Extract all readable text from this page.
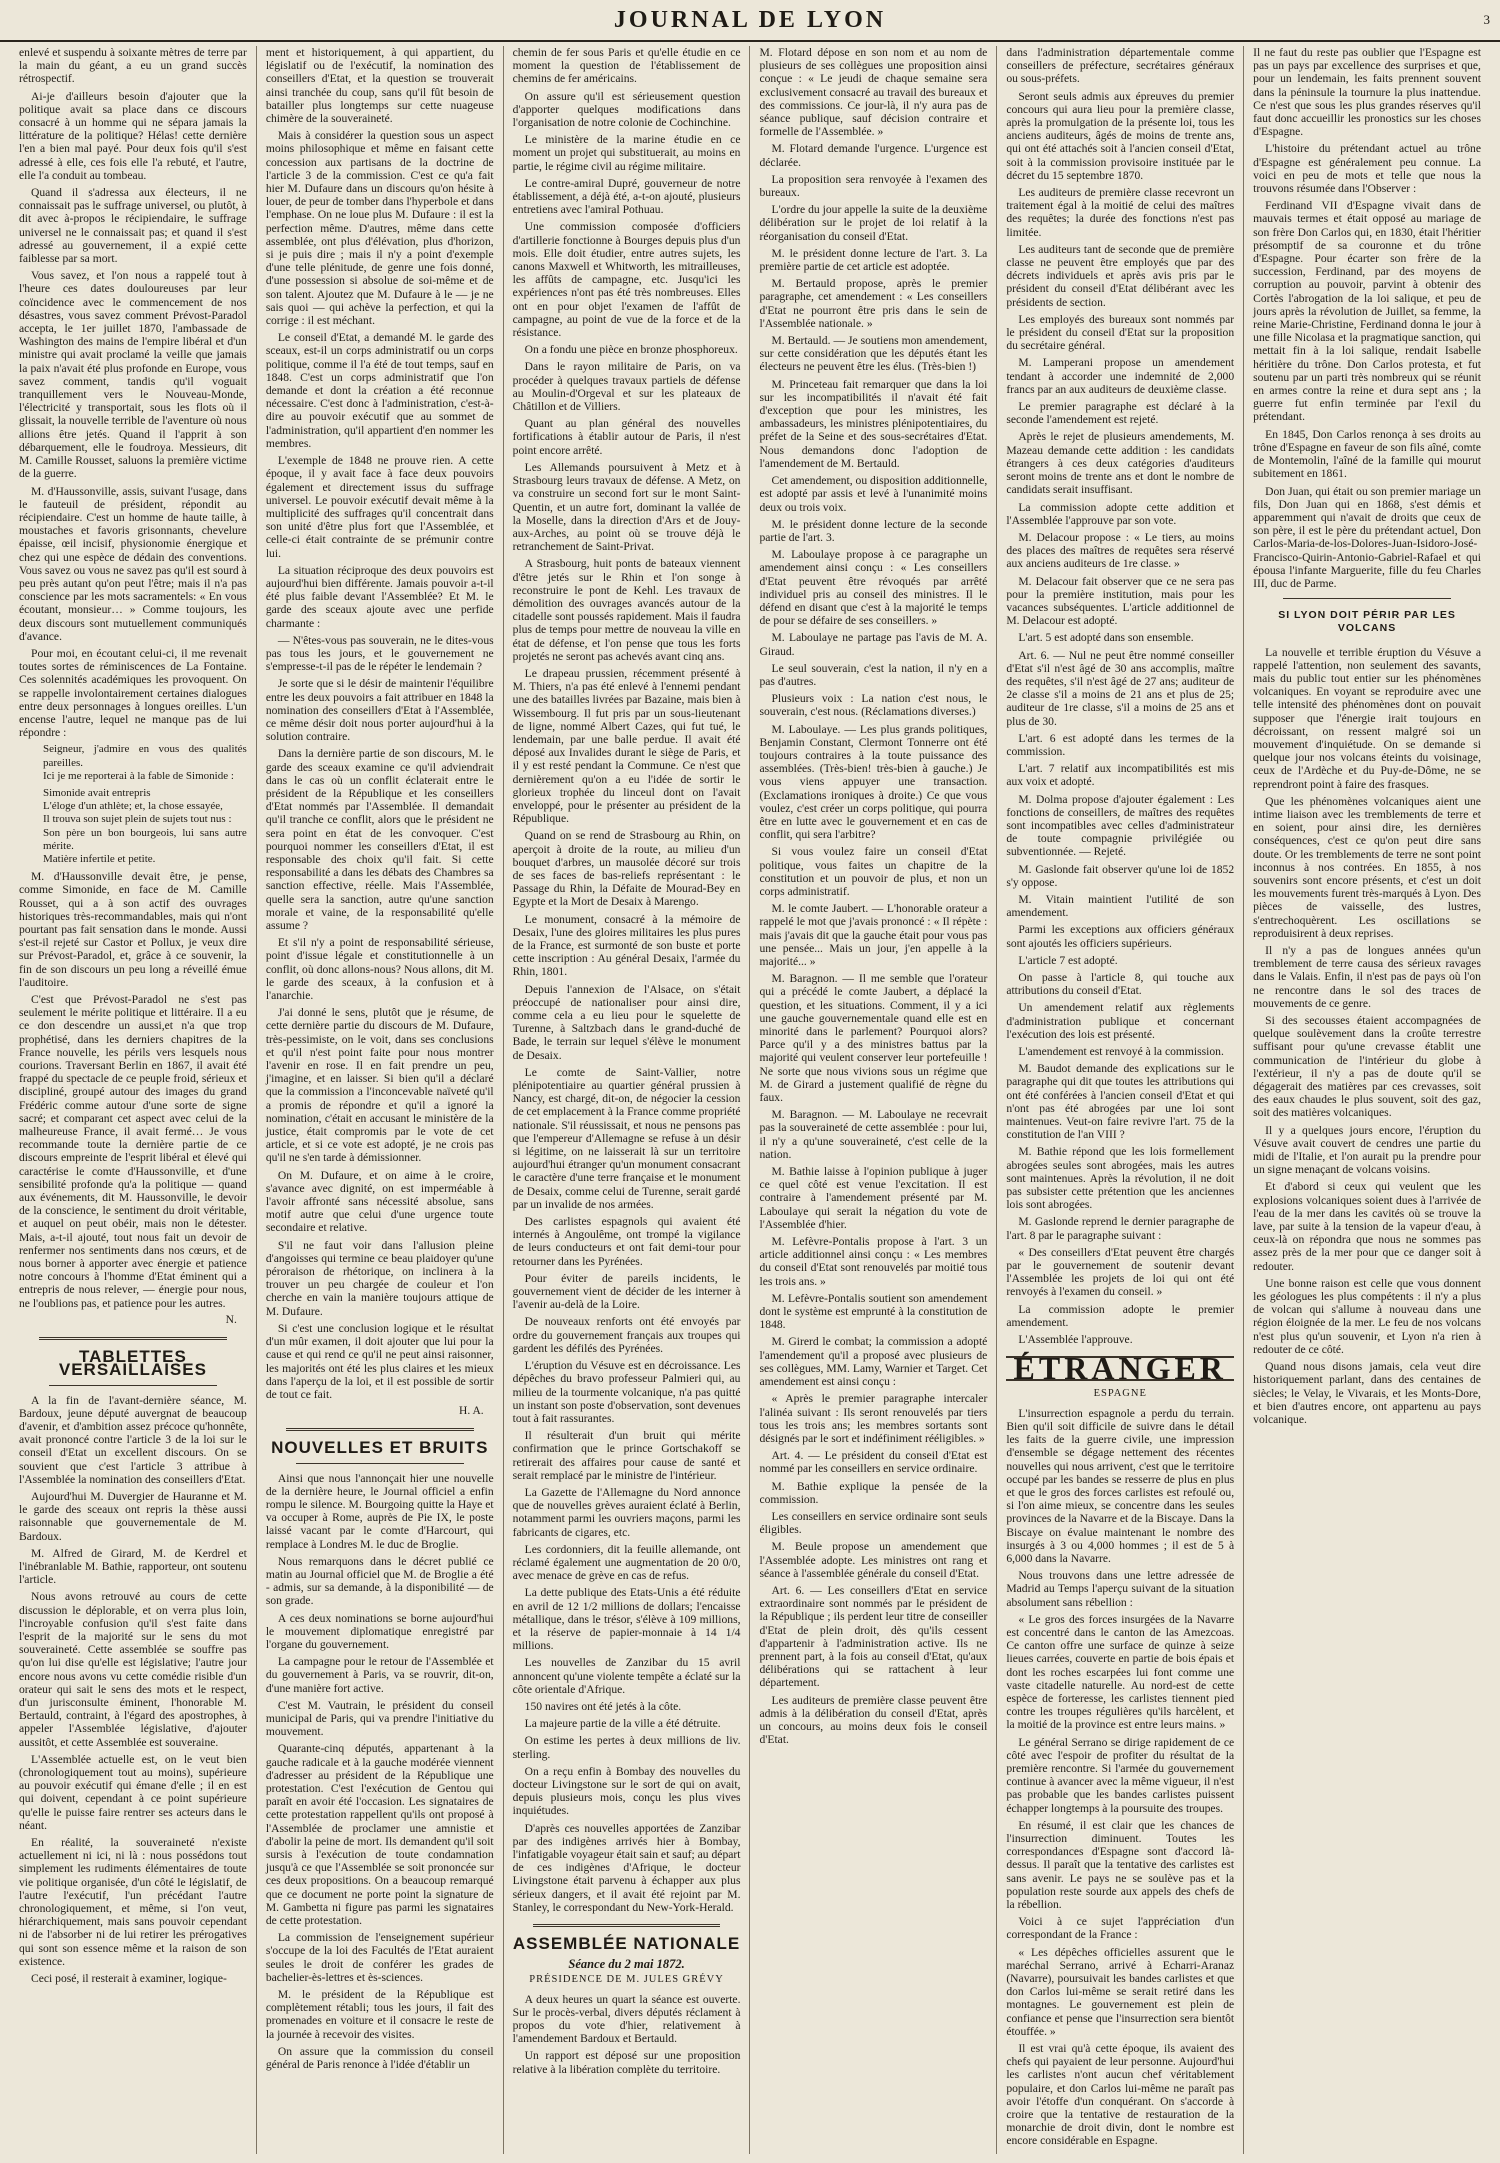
JOURNAL DE LYON	3

enlevé et suspendu à soixante mètres de terre par la main du géant, a eu un grand succès rétrospectif.

Ai-je d'ailleurs besoin d'ajouter que la politique avait sa place dans ce discours consacré à un homme qui ne sépara jamais la littérature de la politique? Hélas! cette dernière l'en a bien mal payé. Pour deux fois qu'il s'est adressé à elle, ces fois elle l'a rebuté, et l'autre, elle l'a conduit au tombeau.

Quand il s'adressa aux électeurs, il ne connaissait pas le suffrage universel, ou plutôt, à dit avec à-propos le récipiendaire, le suffrage universel ne le connaissait pas; et quand il s'est adressé au gouvernement, il a expié cette faiblesse par sa mort.

Vous savez, et l'on nous a rappelé tout à l'heure ces dates douloureuses par leur coïncidence avec le commencement de nos désastres, vous savez comment Prévost-Paradol accepta, le 1er juillet 1870, l'ambassade de Washington des mains de l'empire libéral et d'un ministre qui avait proclamé la veille que jamais la paix n'avait été plus profonde en Europe, vous savez comment, tandis qu'il voguait tranquillement vers le Nouveau-Monde, l'électricité y transportait, sous les flots où il glissait, la nouvelle terrible de l'aventure où nous allions être jetés. Quand il l'apprit à son débarquement, elle le foudroya. Messieurs, dit M. Camille Rousset, saluons la première victime de la guerre.

M. d'Haussonville, assis, suivant l'usage, dans le fauteuil de président, répondit au récipiendaire. C'est un homme de haute taille, à moustaches et favoris grisonnants, chevelure épaisse, œil incisif, physionomie énergique et chez qui une espèce de dédain des conventions. Vous savez ou vous ne savez pas qu'il est sourd à peu près autant qu'on peut l'être; mais il n'a pas conscience par les mots sacramentels: « En vous écoutant, monsieur… » Comme toujours, les deux discours sont mutuellement communiqués d'avance.

Pour moi, en écoutant celui-ci, il me revenait toutes sortes de réminiscences de La Fontaine. Ces solennités académiques les provoquent. On se rappelle involontairement certaines dialogues entre deux personnages à longues oreilles. L'un encense l'autre, lequel ne manque pas de lui répondre :

Seigneur, j'admire en vous des qualités pareilles.
Ici je me reporterai à la fable de Simonide :
Simonide avait entrepris
L'éloge d'un athlète; et, la chose essayée,
Il trouva son sujet plein de sujets tout nus :
Son père un bon bourgeois, lui sans autre mérite.
Matière infertile et petite.

M. d'Haussonville devait être, je pense, comme Simonide, en face de M. Camille Rousset, qui a à son actif des ouvrages historiques très-recommandables, mais qui n'ont pourtant pas fait sensation dans le monde. Aussi s'est-il rejeté sur Castor et Pollux, je veux dire sur Prévost-Paradol, et, grâce à ce souvenir, la fin de son discours un peu long a réveillé émue l'auditoire.

C'est que Prévost-Paradol ne s'est pas seulement le mérite politique et littéraire. Il a eu ce don descendre un aussi,et n'a que trop prophétisé, dans les derniers chapitres de la France nouvelle, les périls vers lesquels nous courions. Traversant Berlin en 1867, il avait été frappé du spectacle de ce peuple froid, sérieux et discipliné, groupé autour des images du grand Frédéric comme autour d'une sorte de signe sacré; et comparant cet aspect avec celui de la malheureuse France, il avait fermé… Je vous recommande toute la dernière partie de ce discours empreinte de l'esprit libéral et élevé qui caractérise le comte d'Haussonville, et d'une sensibilité profonde qu'a la politique — quand aux événements, dit M. Haussonville, le devoir de la conscience, le sentiment du droit véritable, et auquel on peut obéir, mais non le détester. Mais, a-t-il ajouté, tout nous fait un devoir de renfermer nos sentiments dans nos cœurs, et de nous borner à apporter avec énergie et patience notre concours à l'homme d'Etat éminent qui a entrepris de nous relever, — énergie pour nous, ne l'oublions pas, et patience pour les autres.

N.
TABLETTES VERSAILLAISES

A la fin de l'avant-dernière séance, M. Bardoux, jeune député auvergnat de beaucoup d'avenir, et d'ambition assez précoce qu'honnête, avait prononcé contre l'article 3 de la loi sur le conseil d'Etat un excellent discours. On se souvient que c'est l'article 3 attribue à l'Assemblée la nomination des conseillers d'Etat.

Aujourd'hui M. Duvergier de Hauranne et M. le garde des sceaux ont repris la thèse aussi raisonnable que gouvernementale de M. Bardoux.

M. Alfred de Girard, M. de Kerdrel et l'inébranlable M. Bathie, rapporteur, ont soutenu l'article.

Nous avons retrouvé au cours de cette discussion le déplorable, et on verra plus loin, l'incroyable confusion qu'il s'est faite dans l'esprit de la majorité sur le sens du mot souveraineté. Cette assemblée se souffre pas qu'on lui dise qu'elle est législative; l'autre jour encore nous avons vu cette comédie risible d'un orateur qui sait le sens des mots et le respect, d'un jurisconsulte éminent, l'honorable M. Bertauld, contraint, à l'égard des apostrophes, à appeler l'Assemblée législative, d'ajouter aussitôt, et cette Assemblée est souveraine.

L'Assemblée actuelle est, on le veut bien (chronologiquement tout au moins), supérieure au pouvoir exécutif qui émane d'elle ; il en est qui doivent, cependant à ce point supérieure qu'elle le puisse faire rentrer ses acteurs dans le néant.

En réalité, la souveraineté n'existe actuellement ni ici, ni là : nous possédons tout simplement les rudiments élémentaires de toute vie politique organisée, d'un côté le législatif, de l'autre l'exécutif, l'un précédant l'autre chronologiquement, et même, si l'on veut, hiérarchiquement, mais sans pouvoir cependant ni de l'absorber ni de lui retirer les prérogatives qui sont son essence même et la raison de son existence.

Ceci posé, il resterait à examiner, logique-

ment et historiquement, à qui appartient, du législatif ou de l'exécutif, la nomination des conseillers d'Etat, et la question se trouverait ainsi tranchée du coup, sans qu'il fût besoin de batailler plus longtemps sur cette nuageuse chimère de la souveraineté.

Mais à considérer la question sous un aspect moins philosophique et même en faisant cette concession aux partisans de la doctrine de l'article 3 de la commission. C'est ce qu'a fait hier M. Dufaure dans un discours qu'on hésite à louer, de peur de tomber dans l'hyperbole et dans l'emphase. On ne loue plus M. Dufaure : il est la perfection même. D'autres, même dans cette assemblée, ont plus d'élévation, plus d'horizon, si je puis dire ; mais il n'y a point d'exemple d'une telle plénitude, de genre une fois donné, d'une possession si absolue de soi-même et de son talent. Ajoutez que M. Dufaure à le — je ne sais quoi — qui achève la perfection, et qui la corrige : il est méchant.

Le conseil d'Etat, a demandé M. le garde des sceaux, est-il un corps administratif ou un corps politique, comme il l'a été de tout temps, sauf en 1848. C'est un corps administratif que l'on demande et dont la création a été reconnue nécessaire. C'est donc à l'administration, c'est-à-dire au pouvoir exécutif que au sommet de l'administration, qu'il appartient d'en nommer les membres.

L'exemple de 1848 ne prouve rien. A cette époque, il y avait face à face deux pouvoirs également et directement issus du suffrage universel. Le pouvoir exécutif devait même à la multiplicité des suffrages qu'il concentrait dans son unité d'être plus fort que l'Assemblée, et celle-ci était contrainte de se prémunir contre lui.

La situation réciproque des deux pouvoirs est aujourd'hui bien différente. Jamais pouvoir a-t-il été plus faible devant l'Assemblée? Et M. le garde des sceaux ajoute avec une perfide charmante :

— N'êtes-vous pas souverain, ne le dites-vous pas tous les jours, et le gouvernement ne s'empresse-t-il pas de le répéter le lendemain ?

Je sorte que si le désir de maintenir l'équilibre entre les deux pouvoirs a fait attribuer en 1848 la nomination des conseillers d'Etat à l'Assemblée, ce même désir doit nous porter aujourd'hui à la solution contraire.

Dans la dernière partie de son discours, M. le garde des sceaux examine ce qu'il adviendrait dans le cas où un conflit éclaterait entre le président de la République et les conseillers d'Etat nommés par l'Assemblée. Il demandait qu'il tranche ce conflit, alors que le président ne sera point en état de les convoquer. C'est pourquoi nommer les conseillers d'Etat, il est responsable des choix qu'il fait. Si cette responsabilité a dans les débats des Chambres sa sanction effective, réelle. Mais l'Assemblée, quelle sera la sanction, autre qu'une sanction morale et vaine, de la responsabilité qu'elle assume ?

Et s'il n'y a point de responsabilité sérieuse, point d'issue légale et constitutionnelle à un conflit, où donc allons-nous? Nous allons, dit M. le garde des sceaux, à la confusion et à l'anarchie.

J'ai donné le sens, plutôt que je résume, de cette dernière partie du discours de M. Dufaure, très-pessimiste, on le voit, dans ses conclusions et qu'il n'est point faite pour nous montrer l'avenir en rose. Il en fait prendre un peu, j'imagine, et en laisser. Si bien qu'il a déclaré que la commission a l'inconcevable naïveté qu'il a promis de répondre et qu'il a ignoré la nomination, c'était en accusant le ministère de la justice, était compromis par le vote de cet article, et si ce vote est adopté, je ne crois pas qu'il ne s'en tarde à démissionner.

On M. Dufaure, et on aime à le croire, s'avance avec dignité, on est imperméable à l'avoir affronté sans nécessité absolue, sans motif autre que celui d'une urgence toute secondaire et relative.

S'il ne faut voir dans l'allusion pleine d'angoisses qui termine ce beau plaidoyer qu'une péroraison de rhétorique, on inclinera à la trouver un peu chargée de couleur et l'on cherche en vain la manière toujours attique de M. Dufaure.

Si c'est une conclusion logique et le résultat d'un mûr examen, il doit ajouter que lui pour la cause et qui rend ce qu'il ne peut ainsi raisonner, les majorités ont été les plus claires et les mieux dans l'aperçu de la loi, et il est possible de sortir de tout ce fait.

H. A.
NOUVELLES ET BRUITS

Ainsi que nous l'annonçait hier une nouvelle de la dernière heure, le Journal officiel a enfin rompu le silence. M. Bourgoing quitte la Haye et va occuper à Rome, auprès de Pie IX, le poste laissé vacant par le comte d'Harcourt, qui remplace à Londres M. le duc de Broglie.

Nous remarquons dans le décret publié ce matin au Journal officiel que M. de Broglie a été - admis, sur sa demande, à la disponibilité — de son grade.

A ces deux nominations se borne aujourd'hui le mouvement diplomatique enregistré par l'organe du gouvernement.

La campagne pour le retour de l'Assemblée et du gouvernement à Paris, va se rouvrir, dit-on, d'une manière fort active.

C'est M. Vautrain, le président du conseil municipal de Paris, qui va prendre l'initiative du mouvement.

Quarante-cinq députés, appartenant à la gauche radicale et à la gauche modérée viennent d'adresser au président de la République une protestation. C'est l'exécution de Gentou qui paraît en avoir été l'occasion. Les signataires de cette protestation rappellent qu'ils ont proposé à l'Assemblée de proclamer une amnistie et d'abolir la peine de mort. Ils demandent qu'il soit sursis à l'exécution de toute condamnation jusqu'à ce que l'Assemblée se soit prononcée sur ces deux propositions. On a beaucoup remarqué que ce document ne porte point la signature de M. Gambetta ni figure pas parmi les signataires de cette protestation.

La commission de l'enseignement supérieur s'occupe de la loi des Facultés de l'Etat auraient seules le droit de conférer les grades de bachelier-ès-lettres et ès-sciences.

M. le président de la République est complètement rétabli; tous les jours, il fait des promenades en voiture et il consacre le reste de la journée à recevoir des visites.

On assure que la commission du conseil général de Paris renonce à l'idée d'établir un

chemin de fer sous Paris et qu'elle étudie en ce moment la question de l'établissement de chemins de fer américains.

On assure qu'il est sérieusement question d'apporter quelques modifications dans l'organisation de notre colonie de Cochinchine.

Le ministère de la marine étudie en ce moment un projet qui substituerait, au moins en partie, le régime civil au régime militaire.

Le contre-amiral Dupré, gouverneur de notre établissement, a déjà été, a-t-on ajouté, plusieurs entretiens avec l'amiral Pothuau.

Une commission composée d'officiers d'artillerie fonctionne à Bourges depuis plus d'un mois. Elle doit étudier, entre autres sujets, les canons Maxwell et Whitworth, les mitrailleuses, les affûts de campagne, etc. Jusqu'ici les expériences n'ont pas été très nombreuses. Elles ont en pour objet l'examen de l'affût de campagne, au point de vue de la force et de la résistance.

On a fondu une pièce en bronze phosphoreux.

Dans le rayon militaire de Paris, on va procéder à quelques travaux partiels de défense au Moulin-d'Orgeval et sur les plateaux de Châtillon et de Villiers.

Quant au plan général des nouvelles fortifications à établir autour de Paris, il n'est point encore arrêté.

Les Allemands poursuivent à Metz et à Strasbourg leurs travaux de défense. A Metz, on va construire un second fort sur le mont Saint-Quentin, et un autre fort, dominant la vallée de la Moselle, dans la direction d'Ars et de Jouy-aux-Arches, au point où se trouve déjà le retranchement de Saint-Privat.

A Strasbourg, huit ponts de bateaux viennent d'être jetés sur le Rhin et l'on songe à reconstruire le pont de Kehl. Les travaux de démolition des ouvrages avancés autour de la citadelle sont poussés rapidement. Mais il faudra plus de temps pour mettre de nouveau la ville en état de défense, et l'on pense que tous les forts projetés ne seront pas achevés avant cinq ans.

Le drapeau prussien, récemment présenté à M. Thiers, n'a pas été enlevé à l'ennemi pendant une des batailles livrées par Bazaine, mais bien à Wissembourg. Il fut pris par un sous-lieutenant de ligne, nommé Albert Cazes, qui fut tué, le lendemain, par une balle perdue. Il avait été déposé aux Invalides durant le siège de Paris, et il y est resté pendant la Commune. Ce n'est que dernièrement qu'on a eu l'idée de sortir le glorieux trophée du linceul dont on l'avait enveloppé, pour le présenter au président de la République.

Quand on se rend de Strasbourg au Rhin, on aperçoit à droite de la route, au milieu d'un bouquet d'arbres, un mausolée décoré sur trois de ses faces de bas-reliefs représentant : le Passage du Rhin, la Défaite de Mourad-Bey en Egypte et la Mort de Desaix à Marengo.

Le monument, consacré à la mémoire de Desaix, l'une des gloires militaires les plus pures de la France, est surmonté de son buste et porte cette inscription : Au général Desaix, l'armée du Rhin, 1801.

Depuis l'annexion de l'Alsace, on s'était préoccupé de nationaliser pour ainsi dire, comme cela a eu lieu pour le squelette de Turenne, à Saltzbach dans le grand-duché de Bade, le terrain sur lequel s'élève le monument de Desaix.

Le comte de Saint-Vallier, notre plénipotentiaire au quartier général prussien à Nancy, est chargé, dit-on, de négocier la cession de cet emplacement à la France comme propriété nationale. S'il réussissait, et nous ne pensons pas que l'empereur d'Allemagne se refuse à un désir si légitime, on ne laisserait là sur un territoire aujourd'hui étranger qu'un monument consacrant le caractère d'une terre française et le monument de Desaix, comme celui de Turenne, serait gardé par un invalide de nos armées.

Des carlistes espagnols qui avaient été internés à Angoulême, ont trompé la vigilance de leurs conducteurs et ont fait demi-tour pour retourner dans les Pyrénées.

Pour éviter de pareils incidents, le gouvernement vient de décider de les interner à l'avenir au-delà de la Loire.

De nouveaux renforts ont été envoyés par ordre du gouvernement français aux troupes qui gardent les défilés des Pyrénées.

L'éruption du Vésuve est en décroissance. Les dépêches du bravo professeur Palmieri qui, au milieu de la tourmente volcanique, n'a pas quitté un instant son poste d'observation, sont devenues tout à fait rassurantes.

Il résulterait d'un bruit qui mérite confirmation que le prince Gortschakoff se retirerait des affaires pour cause de santé et serait remplacé par le ministre de l'intérieur.

La Gazette de l'Allemagne du Nord annonce que de nouvelles grèves auraient éclaté à Berlin, notamment parmi les ouvriers maçons, parmi les fabricants de cigares, etc.

Les cordonniers, dit la feuille allemande, ont réclamé également une augmentation de 20 0/0, avec menace de grève en cas de refus.

La dette publique des Etats-Unis a été réduite en avril de 12 1/2 millions de dollars; l'encaisse métallique, dans le trésor, s'élève à 109 millions, et la réserve de papier-monnaie à 14 1/4 millions.

Les nouvelles de Zanzibar du 15 avril annoncent qu'une violente tempête a éclaté sur la côte orientale d'Afrique.

150 navires ont été jetés à la côte.

La majeure partie de la ville a été détruite.

On estime les pertes à deux millions de liv. sterling.

On a reçu enfin à Bombay des nouvelles du docteur Livingstone sur le sort de qui on avait, depuis plusieurs mois, conçu les plus vives inquiétudes.

D'après ces nouvelles apportées de Zanzibar par des indigènes arrivés hier à Bombay, l'infatigable voyageur était sain et sauf; au départ de ces indigènes d'Afrique, le docteur Livingstone était parvenu à échapper aux plus sérieux dangers, et il avait été rejoint par M. Stanley, le correspondant du New-York-Herald.

ASSEMBLÉE NATIONALE
Séance du 2 mai 1872.
PRÉSIDENCE DE M. JULES GRÉVY

A deux heures un quart la séance est ouverte. Sur le procès-verbal, divers députés réclament à propos du vote d'hier, relativement à l'amendement Bardoux et Bertauld.

Un rapport est déposé sur une proposition relative à la libération complète du territoire.

M. Flotard dépose en son nom et au nom de plusieurs de ses collègues une proposition ainsi conçue : « Le jeudi de chaque semaine sera exclusivement consacré au travail des bureaux et des commissions. Ce jour-là, il n'y aura pas de séance publique, sauf décision contraire et formelle de l'Assemblée. »

M. Flotard demande l'urgence. L'urgence est déclarée.

La proposition sera renvoyée à l'examen des bureaux.

L'ordre du jour appelle la suite de la deuxième délibération sur le projet de loi relatif à la réorganisation du conseil d'Etat.

M. le président donne lecture de l'art. 3. La première partie de cet article est adoptée.

M. Bertauld propose, après le premier paragraphe, cet amendement : « Les conseillers d'Etat ne pourront être pris dans le sein de l'Assemblée nationale. »

M. Bertauld. — Je soutiens mon amendement, sur cette considération que les députés étant les électeurs ne peuvent être les élus. (Très-bien !)

M. Princeteau fait remarquer que dans la loi sur les incompatibilités il n'avait été fait d'exception que pour les ministres, les ambassadeurs, les ministres plénipotentiaires, du préfet de la Seine et des sous-secrétaires d'Etat. Nous demandons donc l'adoption de l'amendement de M. Bertauld.

Cet amendement, ou disposition additionnelle, est adopté par assis et levé à l'unanimité moins deux ou trois voix.

M. le président donne lecture de la seconde partie de l'art. 3.

M. Laboulaye propose à ce paragraphe un amendement ainsi conçu : « Les conseillers d'Etat peuvent être révoqués par arrêté individuel pris au conseil des ministres. Il le défend en disant que c'est à la majorité le temps de pour se défaire de ses conseillers. »

M. Laboulaye ne partage pas l'avis de M. A. Giraud.

Le seul souverain, c'est la nation, il n'y en a pas d'autres.

Plusieurs voix : La nation c'est nous, le souverain, c'est nous. (Réclamations diverses.)

M. Laboulaye. — Les plus grands politiques, Benjamin Constant, Clermont Tonnerre ont été toujours contraires à la toute puissance des assemblées. (Très-bien! très-bien à gauche.) Je vous viens appuyer une transaction. (Exclamations ironiques à droite.) Ce que vous voulez, c'est créer un corps politique, qui pourra être en lutte avec le gouvernement et en cas de conflit, qui sera l'arbitre?

Si vous voulez faire un conseil d'Etat politique, vous faites un chapitre de la constitution et un pouvoir de plus, et non un corps administratif.

M. le comte Jaubert. — L'honorable orateur a rappelé le mot que j'avais prononcé : « Il répète : mais j'avais dit que la gauche était pour vous pas une pensée... Mais un jour, j'en appelle à la majorité... »

M. Baragnon. — Il me semble que l'orateur qui a précédé le comte Jaubert, a déplacé la question, et les situations. Comment, il y a ici une gauche gouvernementale quand elle est en minorité dans le parlement? Pourquoi alors? Parce qu'il y a des ministres battus par la majorité qui veulent conserver leur portefeuille ! Ne sorte que nous vivions sous un régime que M. de Girard a justement qualifié de règne du faux.

M. Baragnon. — M. Laboulaye ne recevrait pas la souveraineté de cette assemblée : pour lui, il n'y a qu'une souveraineté, c'est celle de la nation.

M. Bathie laisse à l'opinion publique à juger ce quel côté est venue l'excitation. Il est contraire à l'amendement présenté par M. Laboulaye qui serait la négation du vote de l'Assemblée d'hier.

M. Lefèvre-Pontalis propose à l'art. 3 un article additionnel ainsi conçu : « Les membres du conseil d'Etat sont renouvelés par moitié tous les trois ans. »

M. Lefèvre-Pontalis soutient son amendement dont le système est emprunté à la constitution de 1848.

M. Girerd le combat; la commission a adopté l'amendement qu'il a proposé avec plusieurs de ses collègues, MM. Lamy, Warnier et Target. Cet amendement est ainsi conçu :

« Après le premier paragraphe intercaler l'alinéa suivant : Ils seront renouvelés par tiers tous les trois ans; les membres sortants sont désignés par le sort et indéfiniment rééligibles. »

Art. 4. — Le président du conseil d'Etat est nommé par les conseillers en service ordinaire.

M. Bathie explique la pensée de la commission.

Les conseillers en service ordinaire sont seuls éligibles.

M. Beule propose un amendement que l'Assemblée adopte. Les ministres ont rang et séance à l'assemblée générale du conseil d'Etat.

Art. 6. — Les conseillers d'Etat en service extraordinaire sont nommés par le président de la République ; ils perdent leur titre de conseiller d'Etat de plein droit, dès qu'ils cessent d'appartenir à l'administration active. Ils ne prennent part, à la fois au conseil d'Etat, qu'aux délibérations qui se rattachent à leur département.

Les auditeurs de première classe peuvent être admis à la délibération du conseil d'Etat, après un concours, au moins deux fois le conseil d'Etat.

dans l'administration départementale comme conseillers de préfecture, secrétaires généraux ou sous-préfets.

Seront seuls admis aux épreuves du premier concours qui aura lieu pour la première classe, après la promulgation de la présente loi, tous les anciens auditeurs, âgés de moins de trente ans, qui ont été attachés soit à l'ancien conseil d'Etat, soit à la commission provisoire instituée par le décret du 15 septembre 1870.

Les auditeurs de première classe recevront un traitement égal à la moitié de celui des maîtres des requêtes; la durée des fonctions n'est pas limitée.

Les auditeurs tant de seconde que de première classe ne peuvent être employés que par des décrets individuels et après avis pris par le président du conseil d'Etat délibérant avec les présidents de section.

Les employés des bureaux sont nommés par le président du conseil d'Etat sur la proposition du secrétaire général.

M. Lamperani propose un amendement tendant à accorder une indemnité de 2,000 francs par an aux auditeurs de deuxième classe.

Le premier paragraphe est déclaré à la seconde l'amendement est rejeté.

Après le rejet de plusieurs amendements, M. Mazeau demande cette addition : les candidats étrangers à ces deux catégories d'auditeurs seront moins de trente ans et dont le nombre de candidats serait insuffisant.

La commission adopte cette addition et l'Assemblée l'approuve par son vote.

M. Delacour propose : « Le tiers, au moins des places des maîtres de requêtes sera réservé aux anciens auditeurs de 1re classe. »

M. Delacour fait observer que ce ne sera pas pour la première institution, mais pour les vacances subséquentes. L'article additionnel de M. Delacour est adopté.

L'art. 5 est adopté dans son ensemble.

Art. 6. — Nul ne peut être nommé conseiller d'Etat s'il n'est âgé de 30 ans accomplis, maître des requêtes, s'il n'est âgé de 27 ans; auditeur de 2e classe s'il a moins de 21 ans et plus de 25; auditeur de 1re classe, s'il a moins de 25 ans et plus de 30.

L'art. 6 est adopté dans les termes de la commission.

L'art. 7 relatif aux incompatibilités est mis aux voix et adopté.

M. Dolma propose d'ajouter également : Les fonctions de conseillers, de maîtres des requêtes sont incompatibles avec celles d'administrateur de toute compagnie privilégiée ou subventionnée. — Rejeté.

M. Gaslonde fait observer qu'une loi de 1852 s'y oppose.

M. Vitain maintient l'utilité de son amendement.

Parmi les exceptions aux officiers généraux sont ajoutés les officiers supérieurs.

L'article 7 est adopté.

On passe à l'article 8, qui touche aux attributions du conseil d'Etat.

Un amendement relatif aux règlements d'administration publique et concernant l'exécution des lois est présenté.

L'amendement est renvoyé à la commission.

M. Baudot demande des explications sur le paragraphe qui dit que toutes les attributions qui ont été conférées à l'ancien conseil d'Etat et qui n'ont pas été abrogées par une loi sont maintenues. Veut-on faire revivre l'art. 75 de la constitution de l'an VIII ?

M. Bathie répond que les lois formellement abrogées seules sont abrogées, mais les autres sont maintenues. Après la révolution, il ne doit pas subsister cette prétention que les anciennes lois sont abrogées.

M. Gaslonde reprend le dernier paragraphe de l'art. 8 par le paragraphe suivant :

« Des conseillers d'Etat peuvent être chargés par le gouvernement de soutenir devant l'Assemblée les projets de loi qui ont été renvoyés à l'examen du conseil. »

La commission adopte le premier amendement.

L'Assemblée l'approuve.

ÉTRANGER
ESPAGNE

L'insurrection espagnole a perdu du terrain. Bien qu'il soit difficile de suivre dans le détail les faits de la guerre civile, une impression d'ensemble se dégage nettement des récentes nouvelles qui nous arrivent, c'est que le territoire occupé par les bandes se resserre de plus en plus et que le gros des forces carlistes est refoulé ou, si l'on aime mieux, se concentre dans les seules provinces de la Navarre et de la Biscaye. Dans la Biscaye on évalue maintenant le nombre des insurgés à 3 ou 4,000 hommes ; il est de 5 à 6,000 dans la Navarre.

Nous trouvons dans une lettre adressée de Madrid au Temps l'aperçu suivant de la situation absolument sans rébellion :

« Le gros des forces insurgées de la Navarre est concentré dans le canton de las Amezcoas. Ce canton offre une surface de quinze à seize lieues carrées, couverte en partie de bois épais et dont les roches escarpées lui font comme une vaste citadelle naturelle. Au nord-est de cette espèce de forteresse, les carlistes tiennent pied contre les troupes régulières qu'ils harcèlent, et la moitié de la province est entre leurs mains. »

Le général Serrano se dirige rapidement de ce côté avec l'espoir de profiter du résultat de la première rencontre. Si l'armée du gouvernement continue à avancer avec la même vigueur, il n'est pas probable que les bandes carlistes puissent échapper longtemps à la poursuite des troupes.

En résumé, il est clair que les chances de l'insurrection diminuent. Toutes les correspondances d'Espagne sont d'accord là-dessus. Il paraît que la tentative des carlistes est sans avenir. Le pays ne se soulève pas et la population reste sourde aux appels des chefs de la rébellion.

Voici à ce sujet l'appréciation d'un correspondant de la France :

« Les dépêches officielles assurent que le maréchal Serrano, arrivé à Echarri-Aranaz (Navarre), poursuivait les bandes carlistes et que don Carlos lui-même se serait retiré dans les montagnes. Le gouvernement est plein de confiance et pense que l'insurrection sera bientôt étouffée. »

Il est vrai qu'à cette époque, ils avaient des chefs qui payaient de leur personne. Aujourd'hui les carlistes n'ont aucun chef véritablement populaire, et don Carlos lui-même ne paraît pas avoir l'étoffe d'un conquérant. On s'accorde à croire que la tentative de restauration de la monarchie de droit divin, dont le nombre est encore considérable en Espagne.

Il ne faut du reste pas oublier que l'Espagne est pas un pays par excellence des surprises et que, pour un lendemain, les faits prennent souvent dans la péninsule la tournure la plus inattendue. Ce n'est que sous les plus grandes réserves qu'il faut donc accueillir les pronostics sur les choses d'Espagne.

L'histoire du prétendant actuel au trône d'Espagne est généralement peu connue. La voici en peu de mots et telle que nous la trouvons résumée dans l'Observer :

Ferdinand VII d'Espagne vivait dans de mauvais termes et était opposé au mariage de son frère Don Carlos qui, en 1830, était l'héritier présomptif de sa couronne et du trône d'Espagne. Pour écarter son frère de la succession, Ferdinand, par des moyens de corruption au pouvoir, parvint à obtenir des Cortès l'abrogation de la loi salique, et peu de jours après la révolution de Juillet, sa femme, la reine Marie-Christine, Ferdinand donna le jour à une fille Nicolasa et la pragmatique sanction, qui mettait fin à la loi salique, rendait Isabelle héritière du trône. Don Carlos protesta, et fut soutenu par un parti très nombreux qui se réunit en armes contre la reine et dura sept ans ; la guerre fut enfin terminée par l'exil du prétendant.

En 1845, Don Carlos renonça à ses droits au trône d'Espagne en faveur de son fils aîné, comte de Montemolin, l'aîné de la famille qui mourut subitement en 1861.

Don Juan, qui était ou son premier mariage un fils, Don Juan qui en 1868, s'est démis et apparemment qui n'avait de droits que ceux de son père, il est le père du prétendant actuel, Don Carlos-Maria-de-los-Dolores-Juan-Isidoro-José-Francisco-Quirin-Antonio-Gabriel-Rafael et qui épousa l'infante Marguerite, fille du feu Charles III, duc de Parme.

SI LYON DOIT PÉRIR PAR LES VOLCANS

La nouvelle et terrible éruption du Vésuve a rappelé l'attention, non seulement des savants, mais du public tout entier sur les phénomènes volcaniques. En voyant se reproduire avec une telle intensité des phénomènes dont on pouvait supposer que l'énergie irait toujours en décroissant, on ressent malgré soi un mouvement d'inquiétude. On se demande si quelque jour nos volcans éteints du voisinage, ceux de l'Ardèche et du Puy-de-Dôme, ne se reprendront point à faire des frasques.

Que les phénomènes volcaniques aient une intime liaison avec les tremblements de terre et en soient, pour ainsi dire, les dernières conséquences, c'est ce qu'on peut dire sans doute. Or les tremblements de terre ne sont point inconnus à nos contrées. En 1855, à nos souvenirs sont encore présents, et c'est un doit les mouvements furent très-marqués à Lyon. Des pièces de vaisselle, des lustres, s'entrechoquèrent. Les oscillations se reproduisirent à deux reprises.

Il n'y a pas de longues années qu'un tremblement de terre causa des sérieux ravages dans le Valais. Enfin, il n'est pas de pays où l'on ne rencontre dans le sol des traces de mouvements de ce genre.

Si des secousses étaient accompagnées de quelque soulèvement dans la croûte terrestre suffisant pour qu'une crevasse établit une communication de l'intérieur du globe à l'extérieur, il n'y a pas de doute qu'il se dégagerait des matières par ces crevasses, soit des eaux chaudes le plus souvent, soit des gaz, soit des matières volcaniques.

Il y a quelques jours encore, l'éruption du Vésuve avait couvert de cendres une partie du midi de l'Italie, et l'on aurait pu la prendre pour un signe menaçant de volcans voisins.

Et d'abord si ceux qui veulent que les explosions volcaniques soient dues à l'arrivée de l'eau de la mer dans les cavités où se trouve la lave, par suite à la tension de la vapeur d'eau, à ceux-là on répondra que nous ne sommes pas assez près de la mer pour que ce danger soit à redouter.

Une bonne raison est celle que vous donnent les géologues les plus compétents : il n'y a plus de volcan qui s'allume à nouveau dans une région éloignée de la mer. Le feu de nos volcans n'est plus qu'un souvenir, et Lyon n'a rien à redouter de ce côté.

Quand nous disons jamais, cela veut dire historiquement parlant, dans des centaines de siècles; le Velay, le Vivarais, et les Monts-Dore, et bien d'autres encore, ont appartenu au pays volcanique.
